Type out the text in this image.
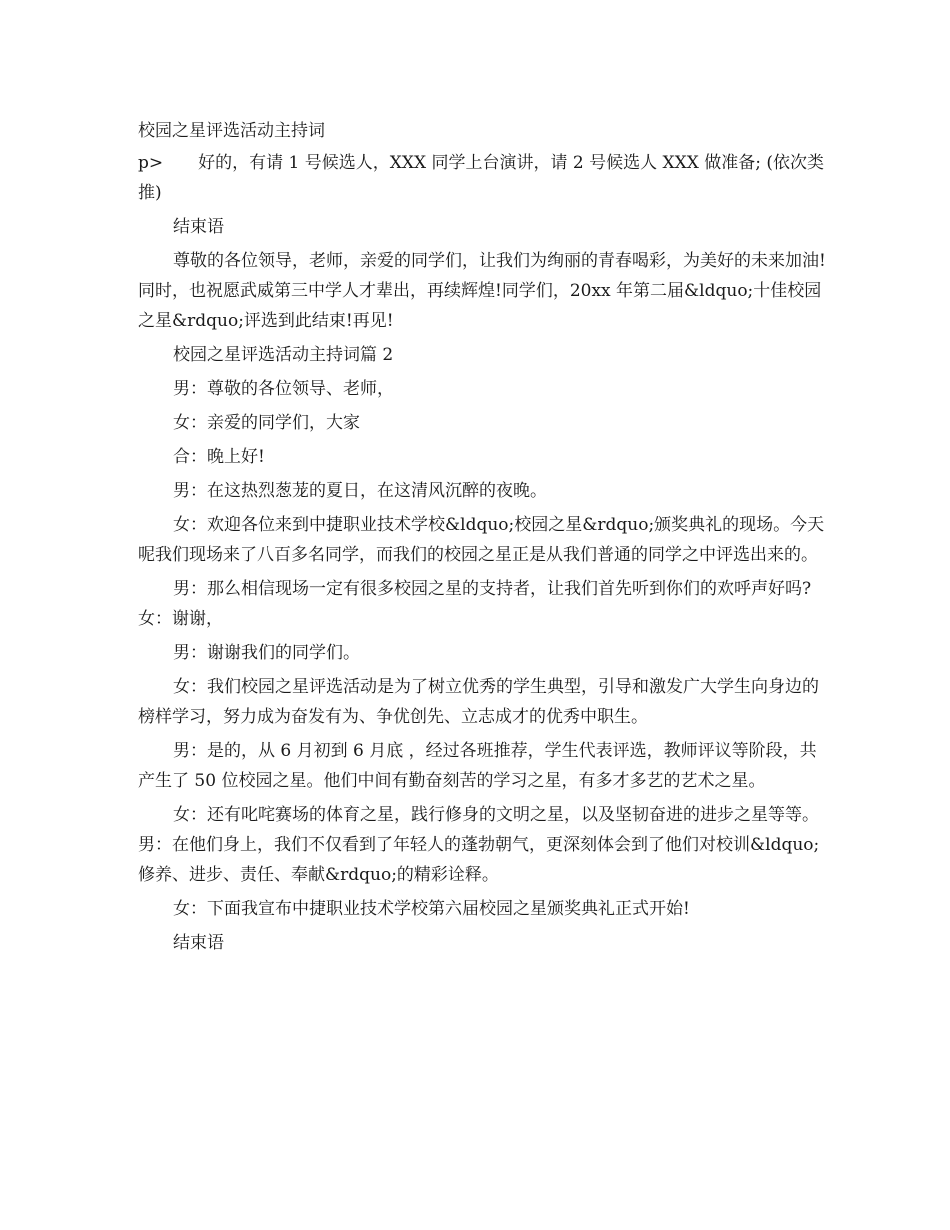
校园之星评选活动主持词

p> 好的，有请 1 号候选人，XXX 同学上台演讲，请 2 号候选人 XXX 做准备; (依次类推)

结束语

尊敬的各位领导，老师，亲爱的同学们，让我们为绚丽的青春喝彩，为美好的未来加油!同时，也祝愿武威第三中学人才辈出，再续辉煌!同学们，20xx 年第二届&ldquo;十佳校园之星&rdquo;评选到此结束!再见!

校园之星评选活动主持词篇 2

男：尊敬的各位领导、老师，

女：亲爱的同学们，大家

合：晚上好!

男：在这热烈葱茏的夏日，在这清风沉醉的夜晚。

女：欢迎各位来到中捷职业技术学校&ldquo;校园之星&rdquo;颁奖典礼的现场。今天呢我们现场来了八百多名同学，而我们的校园之星正是从我们普通的同学之中评选出来的。

男：那么相信现场一定有很多校园之星的支持者，让我们首先听到你们的欢呼声好吗? 女：谢谢，

男：谢谢我们的同学们。

女：我们校园之星评选活动是为了树立优秀的学生典型，引导和激发广大学生向身边的榜样学习，努力成为奋发有为、争优创先、立志成才的优秀中职生。

男：是的，从 6 月初到 6 月底 ，经过各班推荐，学生代表评选，教师评议等阶段，共产生了 50 位校园之星。他们中间有勤奋刻苦的学习之星，有多才多艺的艺术之星。

女：还有叱咤赛场的体育之星，践行修身的文明之星，以及坚韧奋进的进步之星等等。 男：在他们身上，我们不仅看到了年轻人的蓬勃朝气，更深刻体会到了他们对校训&ldquo;修养、进步、责任、奉献&rdquo;的精彩诠释。

女：下面我宣布中捷职业技术学校第六届校园之星颁奖典礼正式开始!

结束语
